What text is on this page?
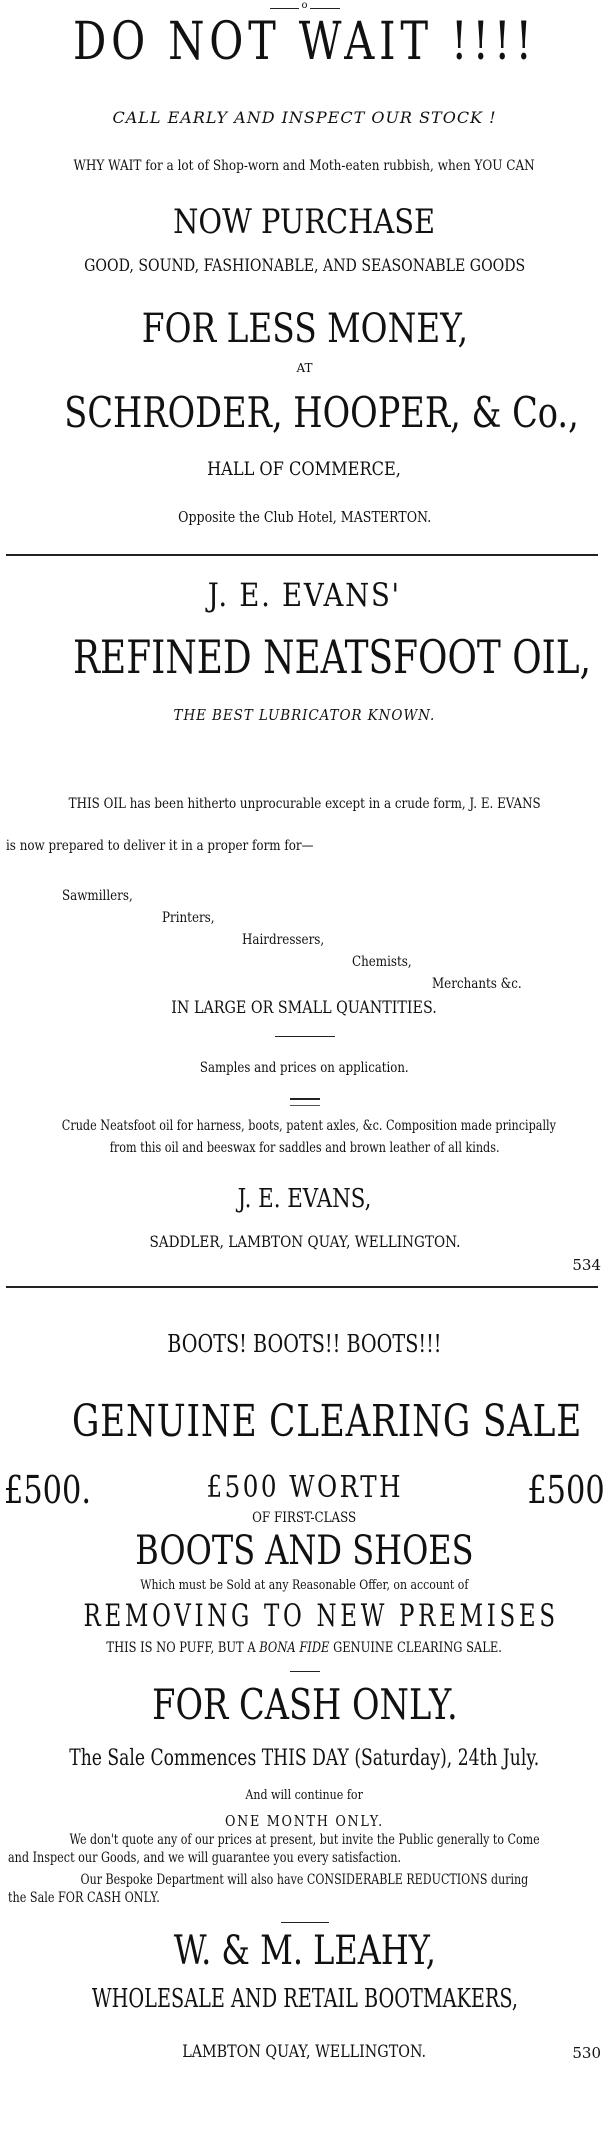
o
DO NOT WAIT !!!!
CALL EARLY AND INSPECT OUR STOCK !
WHY WAIT for a lot of Shop-worn and Moth-eaten rubbish, when YOU CAN
NOW PURCHASE
GOOD, SOUND, FASHIONABLE, AND SEASONABLE GOODS
FOR LESS MONEY,
AT
SCHRODER, HOOPER, & Co.,
HALL OF COMMERCE,
Opposite the Club Hotel, MASTERTON.
J. E. EVANS'
REFINED NEATSFOOT OIL,
THE BEST LUBRICATOR KNOWN.
THIS OIL has been hitherto unprocurable except in a crude form, J. E. EVANS
is now prepared to deliver it in a proper form for—
Sawmillers,
Printers,
Hairdressers,
Chemists,
Merchants &c.
IN LARGE OR SMALL QUANTITIES.
Samples and prices on application.
Crude Neatsfoot oil for harness, boots, patent axles, &c. Composition made principally
from this oil and beeswax for saddles and brown leather of all kinds.
J. E. EVANS,
SADDLER, LAMBTON QUAY, WELLINGTON.
534
BOOTS! BOOTS!! BOOTS!!!
GENUINE CLEARING SALE
£500.	£500 WORTH	£500
OF FIRST-CLASS
BOOTS AND SHOES
Which must be Sold at any Reasonable Offer, on account of
REMOVING TO NEW PREMISES
THIS IS NO PUFF, BUT A BONA FIDE GENUINE CLEARING SALE.
FOR CASH ONLY.
The Sale Commences THIS DAY (Saturday), 24th July.
And will continue for
ONE MONTH ONLY.
We don't quote any of our prices at present, but invite the Public generally to Come
and Inspect our Goods, and we will guarantee you every satisfaction.
Our Bespoke Department will also have CONSIDERABLE REDUCTIONS during
the Sale FOR CASH ONLY.
W. & M. LEAHY,
WHOLESALE AND RETAIL BOOTMAKERS,
LAMBTON QUAY, WELLINGTON.	530
